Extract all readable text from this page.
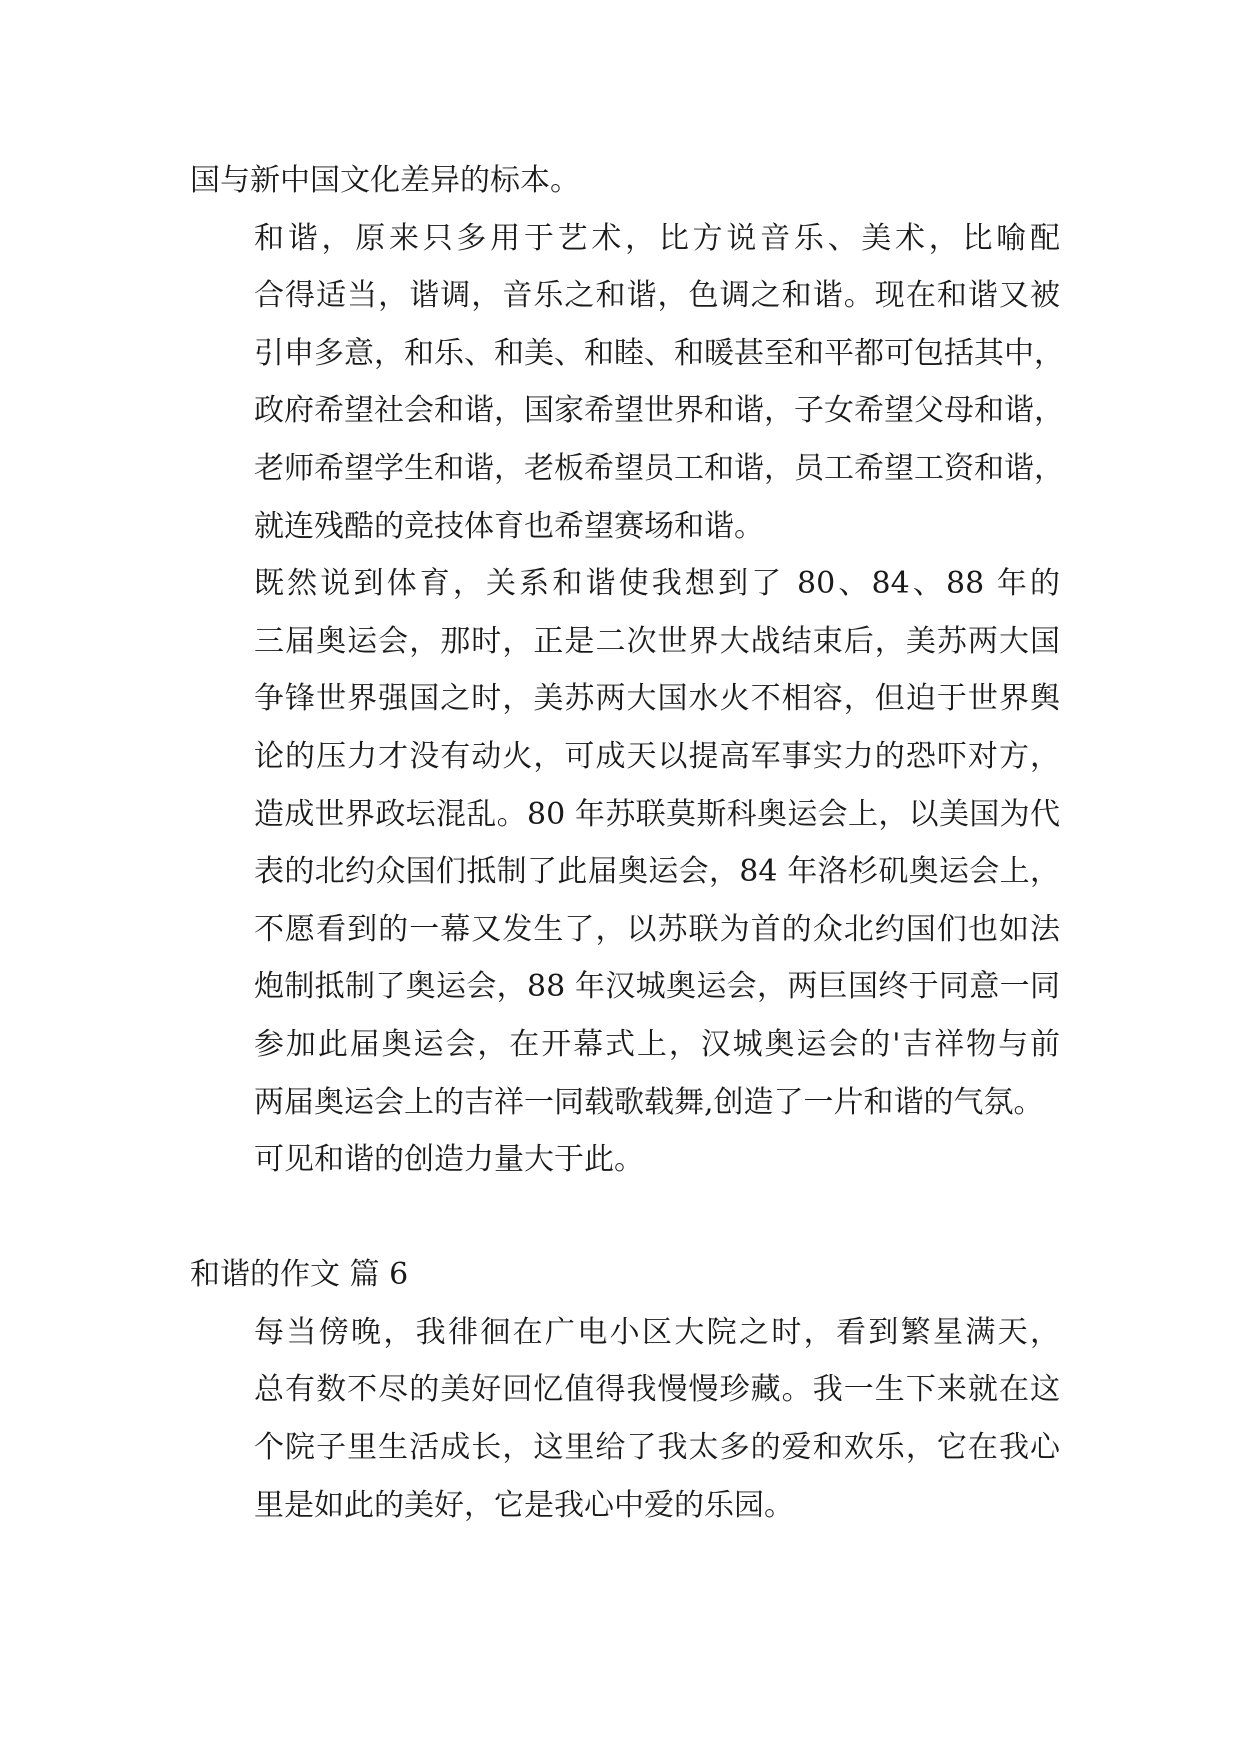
国与新中国文化差异的标本。

和谐，原来只多用于艺术，比方说音乐、美术，比喻配
合得适当，谐调，音乐之和谐，色调之和谐。现在和谐又被
引申多意，和乐、和美、和睦、和暖甚至和平都可包括其中，
政府希望社会和谐，国家希望世界和谐，子女希望父母和谐，
老师希望学生和谐，老板希望员工和谐，员工希望工资和谐，
就连残酷的竞技体育也希望赛场和谐。

既然说到体育，关系和谐使我想到了 80、84、88 年的
三届奥运会，那时，正是二次世界大战结束后，美苏两大国
争锋世界强国之时，美苏两大国水火不相容，但迫于世界舆
论的压力才没有动火，可成天以提高军事实力的恐吓对方，
造成世界政坛混乱。80 年苏联莫斯科奥运会上，以美国为代
表的北约众国们抵制了此届奥运会，84 年洛杉矶奥运会上，
不愿看到的一幕又发生了，以苏联为首的众北约国们也如法
炮制抵制了奥运会，88 年汉城奥运会，两巨国终于同意一同
参加此届奥运会，在开幕式上，汉城奥运会的'吉祥物与前
两届奥运会上的吉祥一同载歌载舞,创造了一片和谐的气氛。

可见和谐的创造力量大于此。

和谐的作文 篇 6

每当傍晚，我徘徊在广电小区大院之时，看到繁星满天，
总有数不尽的美好回忆值得我慢慢珍藏。我一生下来就在这
个院子里生活成长，这里给了我太多的爱和欢乐，它在我心
里是如此的美好，它是我心中爱的乐园。
